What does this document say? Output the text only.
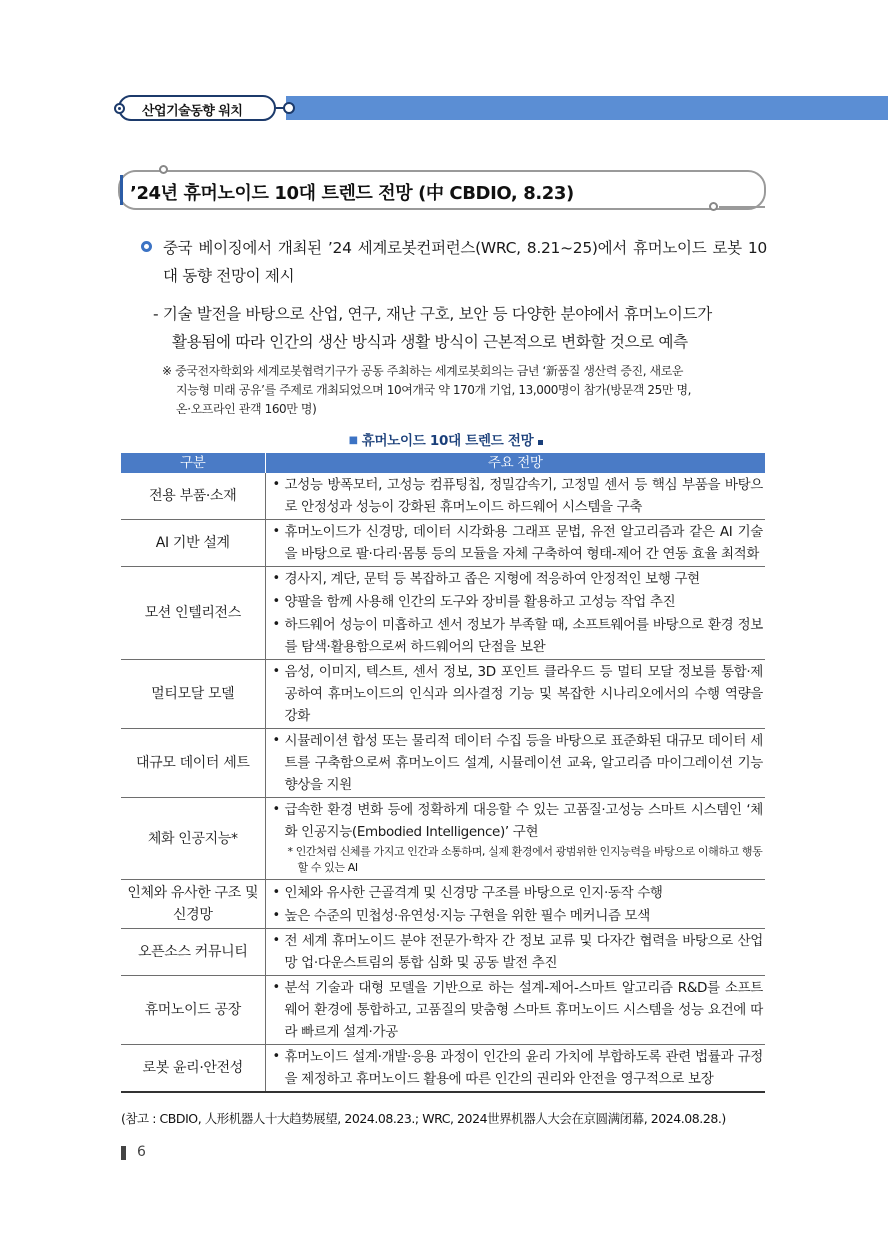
산업기술동향 워치
’24년 휴머노이드 10대 트렌드 전망 (中 CBDIO, 8.23)

중국 베이징에서 개최된 ’24 세계로봇컨퍼런스(WRC, 8.21~25)에서 휴머노이드 로봇 10대 동향 전망이 제시

- 기술 발전을 바탕으로 산업, 연구, 재난 구호, 보안 등 다양한 분야에서 휴머노이드가
활용됨에 따라 인간의 생산 방식과 생활 방식이 근본적으로 변화할 것으로 예측

※ 중국전자학회와 세계로봇협력기구가 공동 주최하는 세계로봇회의는 금년 ‘新품질 생산력 증진, 새로운
지능형 미래 공유’를 주제로 개최되었으며 10여개국 약 170개 기업, 13,000명이 참가(방문객 25만 명,
온·오프라인 관객 160만 명)

■ 휴머노이드 10대 트렌드 전망
구분	주요 전망
전용 부품·소재	• 고성능 방폭모터, 고성능 컴퓨팅칩, 정밀감속기, 고정밀 센서 등 핵심 부품을 바탕으로 안정성과 성능이 강화된 휴머노이드 하드웨어 시스템을 구축

AI 기반 설계	• 휴머노이드가 신경망, 데이터 시각화용 그래프 문법, 유전 알고리즘과 같은 AI 기술을 바탕으로 팔·다리·몸통 등의 모듈을 자체 구축하여 형태-제어 간 연동 효율 최적화

모션 인텔리전스	• 경사지, 계단, 문턱 등 복잡하고 좁은 지형에 적응하여 안정적인 보행 구현
• 양팔을 함께 사용해 인간의 도구와 장비를 활용하고 고성능 작업 추진
• 하드웨어 성능이 미흡하고 센서 정보가 부족할 때, 소프트웨어를 바탕으로 환경 정보를 탐색·활용함으로써 하드웨어의 단점을 보완

멀티모달 모델	• 음성, 이미지, 텍스트, 센서 정보, 3D 포인트 클라우드 등 멀티 모달 정보를 통합·제공하여 휴머노이드의 인식과 의사결정 기능 및 복잡한 시나리오에서의 수행 역량을 강화

대규모 데이터 세트	• 시뮬레이션 합성 또는 물리적 데이터 수집 등을 바탕으로 표준화된 대규모 데이터 세트를 구축함으로써 휴머노이드 설계, 시뮬레이션 교육, 알고리즘 마이그레이션 기능 향상을 지원

체화 인공지능*	• 급속한 환경 변화 등에 정확하게 대응할 수 있는 고품질·고성능 스마트 시스템인 ‘체화 인공지능(Embodied Intelligence)’ 구현
* 인간처럼 신체를 가지고 인간과 소통하며, 실제 환경에서 광범위한 인지능력을 바탕으로 이해하고 행동할 수 있는 AI

인체와 유사한 구조 및 신경망	• 인체와 유사한 근골격계 및 신경망 구조를 바탕으로 인지·동작 수행
• 높은 수준의 민첩성·유연성·지능 구현을 위한 필수 메커니즘 모색

오픈소스 커뮤니티	• 전 세계 휴머노이드 분야 전문가·학자 간 정보 교류 및 다자간 협력을 바탕으로 산업망 업·다운스트림의 통합 심화 및 공동 발전 추진

휴머노이드 공장	• 분석 기술과 대형 모델을 기반으로 하는 설계-제어-스마트 알고리즘 R&D를 소프트웨어 환경에 통합하고, 고품질의 맞춤형 스마트 휴머노이드 시스템을 성능 요건에 따라 빠르게 설계·가공

로봇 윤리·안전성	• 휴머노이드 설계·개발·응용 과정이 인간의 윤리 가치에 부합하도록 관련 법률과 규정을 제정하고 휴머노이드 활용에 따른 인간의 권리와 안전을 영구적으로 보장

(참고 : CBDIO, 人形机器人十大趋势展望, 2024.08.23.; WRC, 2024世界机器人大会在京圆满闭幕, 2024.08.28.)

6
